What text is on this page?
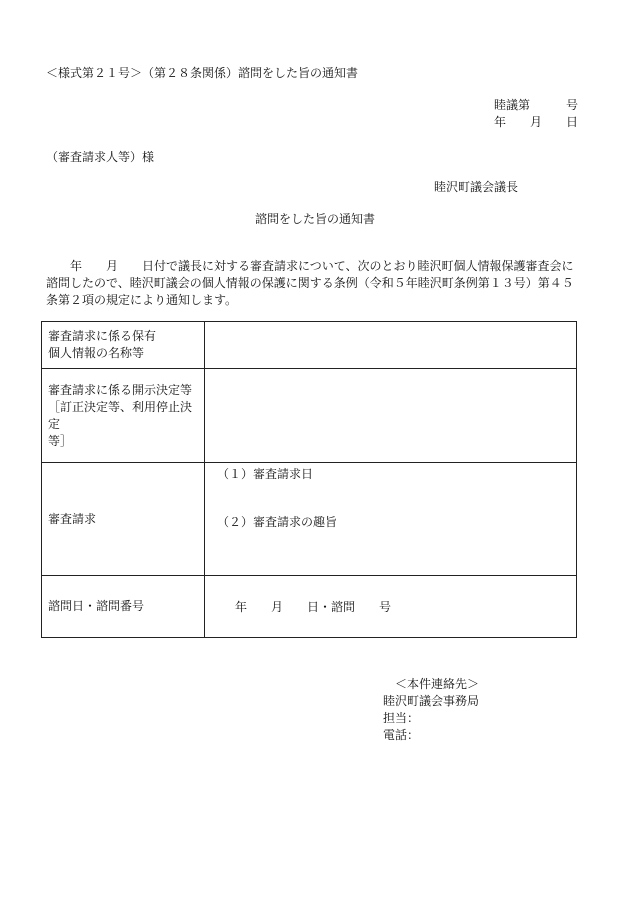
＜様式第２１号＞（第２８条関係）諮問をした旨の通知書
睦議第　　　号
年　　月　　日
（審査請求人等）様
睦沢町議会議長
諮問をした旨の通知書
年　　月　　日付で議長に対する審査請求について、次のとおり睦沢町個人情報保護審査会に諮問したので、睦沢町議会の個人情報の保護に関する条例（令和５年睦沢町条例第１３号）第４５条第２項の規定により通知します。
審査請求に係る保有
個人情報の名称等	

審査請求に係る開示決定等
［訂正決定等、利用停止決定
等］	

審査請求	（１）審査請求日
（２）審査請求の趣旨

諮問日・諮問番号	年　　月　　日・諮問　　号
＜本件連絡先＞
睦沢町議会事務局
担当：
電話：
